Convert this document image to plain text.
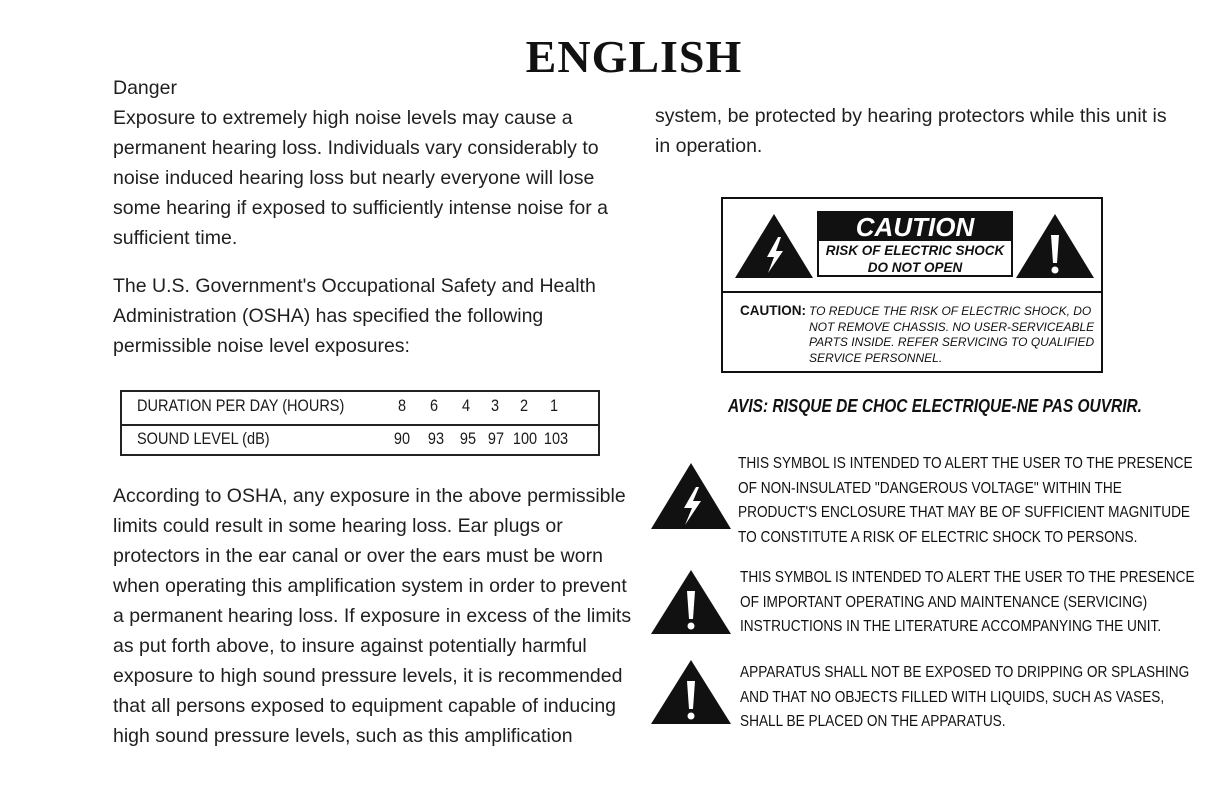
ENGLISH
Danger
Exposure to extremely high noise levels may cause a
permanent hearing loss. Individuals vary considerably to
noise induced hearing loss but nearly everyone will lose
some hearing if exposed to sufficiently intense noise for a
sufficient time.
The U.S. Government's Occupational Safety and Health
Administration (OSHA) has specified the following
permissible noise level exposures:
DURATION PER DAY (HOURS)	8	6	4	3	2	1
SOUND LEVEL (dB)	90	93 95 97 100 103
According to OSHA, any exposure in the above permissible
limits could result in some hearing loss. Ear plugs or
protectors in the ear canal or over the ears must be worn
when operating this amplification system in order to prevent
a permanent hearing loss. If exposure in excess of the limits
as put forth above, to insure against potentially harmful
exposure to high sound pressure levels, it is recommended
that all persons exposed to equipment capable of inducing
high sound pressure levels, such as this amplification
system, be protected by hearing protectors while this unit is
in operation.
CAUTION
RISK OF ELECTRIC SHOCK
DO NOT OPEN
CAUTION: TO REDUCE THE RISK OF ELECTRIC SHOCK, DO
NOT REMOVE CHASSIS. NO USER-SERVICEABLE
PARTS INSIDE. REFER SERVICING TO QUALIFIED
SERVICE PERSONNEL.
AVIS: RISQUE DE CHOC ELECTRIQUE-NE PAS OUVRIR.
THIS SYMBOL IS INTENDED TO ALERT THE USER TO THE PRESENCE
OF NON-INSULATED "DANGEROUS VOLTAGE" WITHIN THE
PRODUCT'S ENCLOSURE THAT MAY BE OF SUFFICIENT MAGNITUDE
TO CONSTITUTE A RISK OF ELECTRIC SHOCK TO PERSONS.
THIS SYMBOL IS INTENDED TO ALERT THE USER TO THE PRESENCE
OF IMPORTANT OPERATING AND MAINTENANCE (SERVICING)
INSTRUCTIONS IN THE LITERATURE ACCOMPANYING THE UNIT.
APPARATUS SHALL NOT BE EXPOSED TO DRIPPING OR SPLASHING
AND THAT NO OBJECTS FILLED WITH LIQUIDS, SUCH AS VASES,
SHALL BE PLACED ON THE APPARATUS.
